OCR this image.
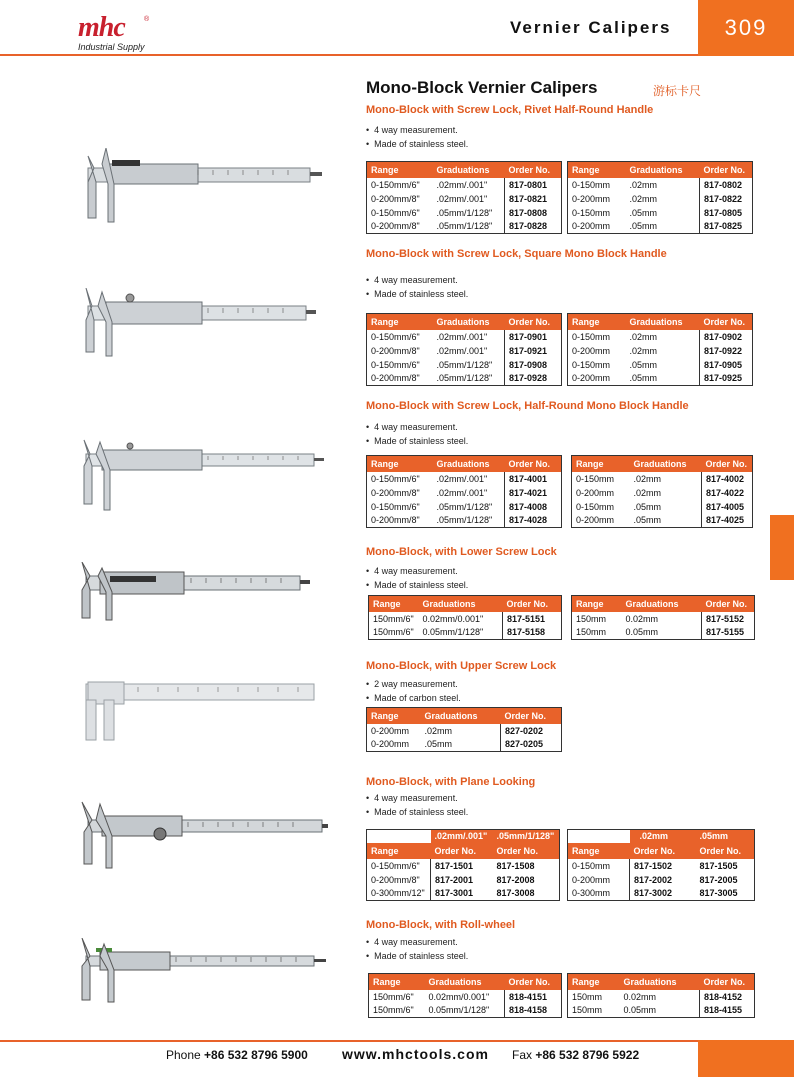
mhc	®
Industrial Supply
Vernier Calipers	309
Mono-Block Vernier Calipers	游标卡尺
Mono-Block with Screw Lock, Rivet Half-Round Handle
• 4 way measurement.
• Made of stainless steel.
Range	Graduations	Order No.
0-150mm/6"	.02mm/.001"	817-0801
0-200mm/8"	.02mm/.001"	817-0821
0-150mm/6"	.05mm/1/128"	817-0808
0-200mm/8"	.05mm/1/128"	817-0828
Range	Graduations	Order No.
0-150mm	.02mm	817-0802
0-200mm	.02mm	817-0822
0-150mm	.05mm	817-0805
0-200mm	.05mm	817-0825
Mono-Block with Screw Lock, Square Mono Block Handle
• 4 way measurement.
• Made of stainless steel.
Range	Graduations	Order No.
0-150mm/6"	.02mm/.001"	817-0901
0-200mm/8"	.02mm/.001"	817-0921
0-150mm/6"	.05mm/1/128"	817-0908
0-200mm/8"	.05mm/1/128"	817-0928
Range	Graduations	Order No.
0-150mm	.02mm	817-0902
0-200mm	.02mm	817-0922
0-150mm	.05mm	817-0905
0-200mm	.05mm	817-0925
Mono-Block with Screw Lock, Half-Round Mono Block Handle
• 4 way measurement.
• Made of stainless steel.
Range	Graduations	Order No.
0-150mm/6"	.02mm/.001"	817-4001
0-200mm/8"	.02mm/.001"	817-4021
0-150mm/6"	.05mm/1/128"	817-4008
0-200mm/8"	.05mm/1/128"	817-4028
Range	Graduations	Order No.
0-150mm	.02mm	817-4002
0-200mm	.02mm	817-4022
0-150mm	.05mm	817-4005
0-200mm	.05mm	817-4025
Mono-Block, with Lower Screw Lock
• 4 way measurement.
• Made of stainless steel.
Range	Graduations	Order No.
150mm/6"	0.02mm/0.001"	817-5151
150mm/6"	0.05mm/1/128"	817-5158
Range	Graduations	Order No.
150mm	0.02mm	817-5152
150mm	0.05mm	817-5155
Mono-Block, with Upper Screw Lock
• 2 way measurement.
• Made of carbon steel.
Range	Graduations	Order No.
0-200mm	.02mm	827-0202
0-200mm	.05mm	827-0205
Mono-Block, with Plane Looking
• 4 way measurement.
• Made of stainless steel.
	.02mm/.001"	.05mm/1/128"
Range	Order No.	Order No.
0-150mm/6"	817-1501	817-1508
0-200mm/8"	817-2001	817-2008
0-300mm/12"	817-3001	817-3008
	.02mm	.05mm
Range	Order No.	Order No.
0-150mm	817-1502	817-1505
0-200mm	817-2002	817-2005
0-300mm	817-3002	817-3005
Mono-Block, with Roll-wheel
• 4 way measurement.
• Made of stainless steel.
Range	Graduations	Order No.
150mm/6"	0.02mm/0.001"	818-4151
150mm/6"	0.05mm/1/128"	818-4158
Range	Graduations	Order No.
150mm	0.02mm	818-4152
150mm	0.05mm	818-4155
Phone +86 532 8796 5900 www.mhctools.com Fax +86 532 8796 5922
